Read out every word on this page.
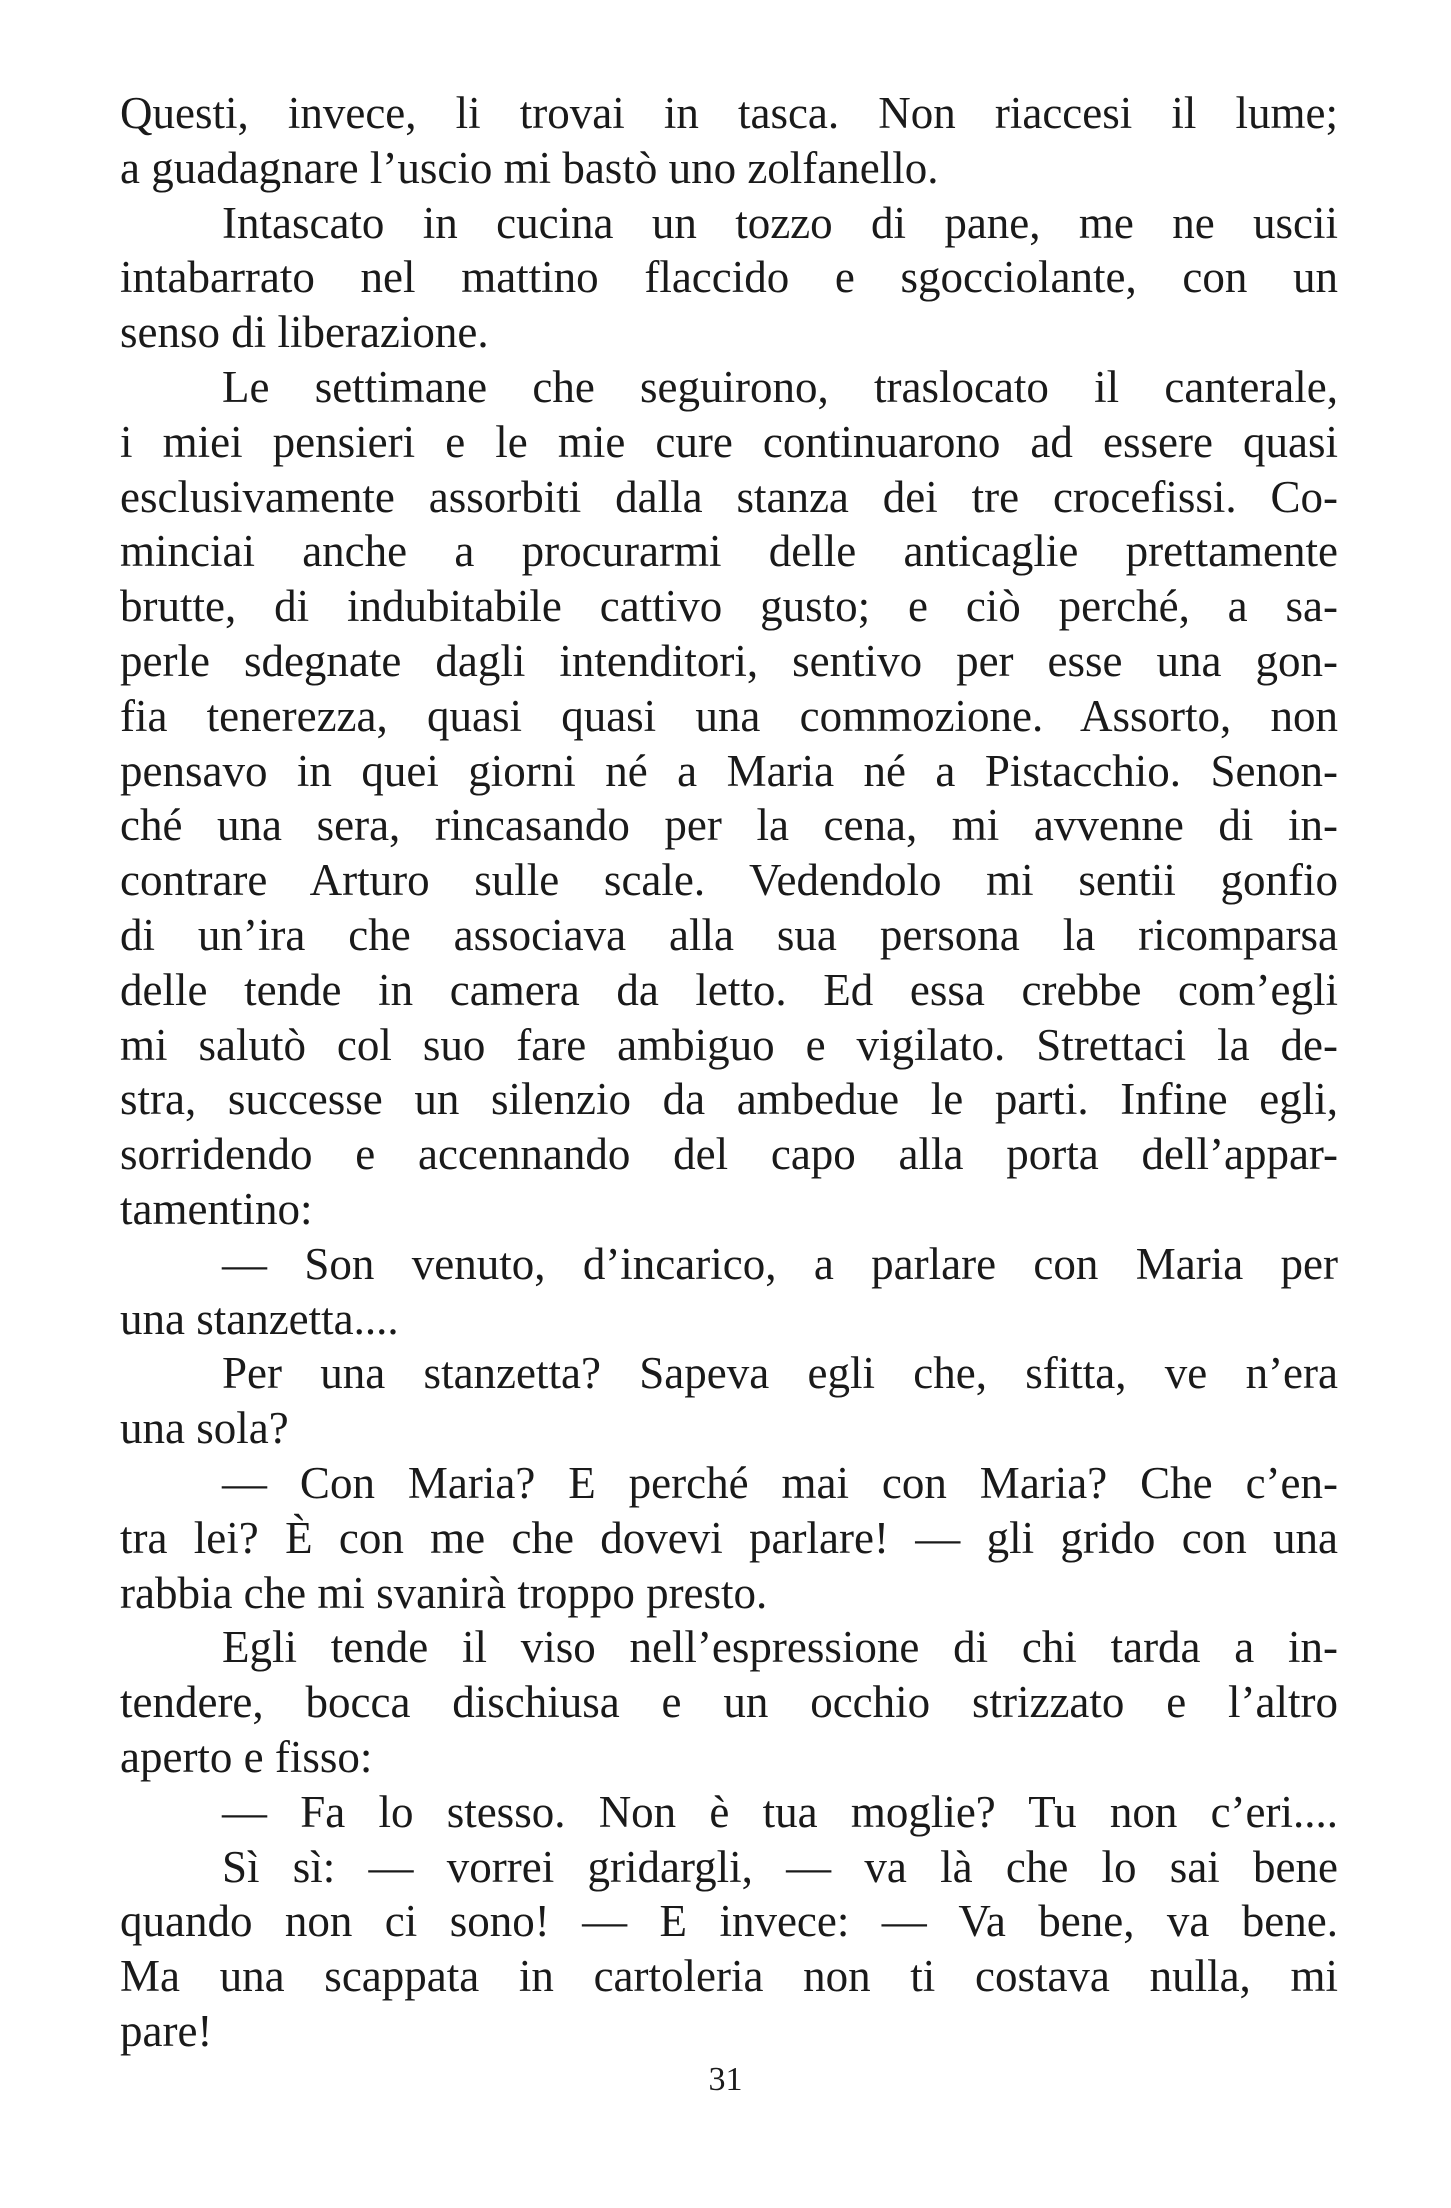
Questi, invece, li trovai in tasca. Non riaccesi il lume;
a guadagnare l’uscio mi bastò uno zolfanello.
Intascato in cucina un tozzo di pane, me ne uscii
intabarrato nel mattino flaccido e sgocciolante, con un
senso di liberazione.
Le settimane che seguirono, traslocato il canterale,
i miei pensieri e le mie cure continuarono ad essere quasi
esclusivamente assorbiti dalla stanza dei tre crocefissi. Co-
minciai anche a procurarmi delle anticaglie prettamente
brutte, di indubitabile cattivo gusto; e ciò perché, a sa-
perle sdegnate dagli intenditori, sentivo per esse una gon-
fia tenerezza, quasi quasi una commozione. Assorto, non
pensavo in quei giorni né a Maria né a Pistacchio. Senon-
ché una sera, rincasando per la cena, mi avvenne di in-
contrare Arturo sulle scale. Vedendolo mi sentii gonfio
di un’ira che associava alla sua persona la ricomparsa
delle tende in camera da letto. Ed essa crebbe com’egli
mi salutò col suo fare ambiguo e vigilato. Strettaci la de-
stra, successe un silenzio da ambedue le parti. Infine egli,
sorridendo e accennando del capo alla porta dell’appar-
tamentino:
— Son venuto, d’incarico, a parlare con Maria per
una stanzetta....
Per una stanzetta? Sapeva egli che, sfitta, ve n’era
una sola?
— Con Maria? E perché mai con Maria? Che c’en-
tra lei? È con me che dovevi parlare! — gli grido con una
rabbia che mi svanirà troppo presto.
Egli tende il viso nell’espressione di chi tarda a in-
tendere, bocca dischiusa e un occhio strizzato e l’altro
aperto e fisso:
— Fa lo stesso. Non è tua moglie? Tu non c’eri....
Sì sì: — vorrei gridargli, — va là che lo sai bene
quando non ci sono! — E invece: — Va bene, va bene.
Ma una scappata in cartoleria non ti costava nulla, mi
pare!
31
